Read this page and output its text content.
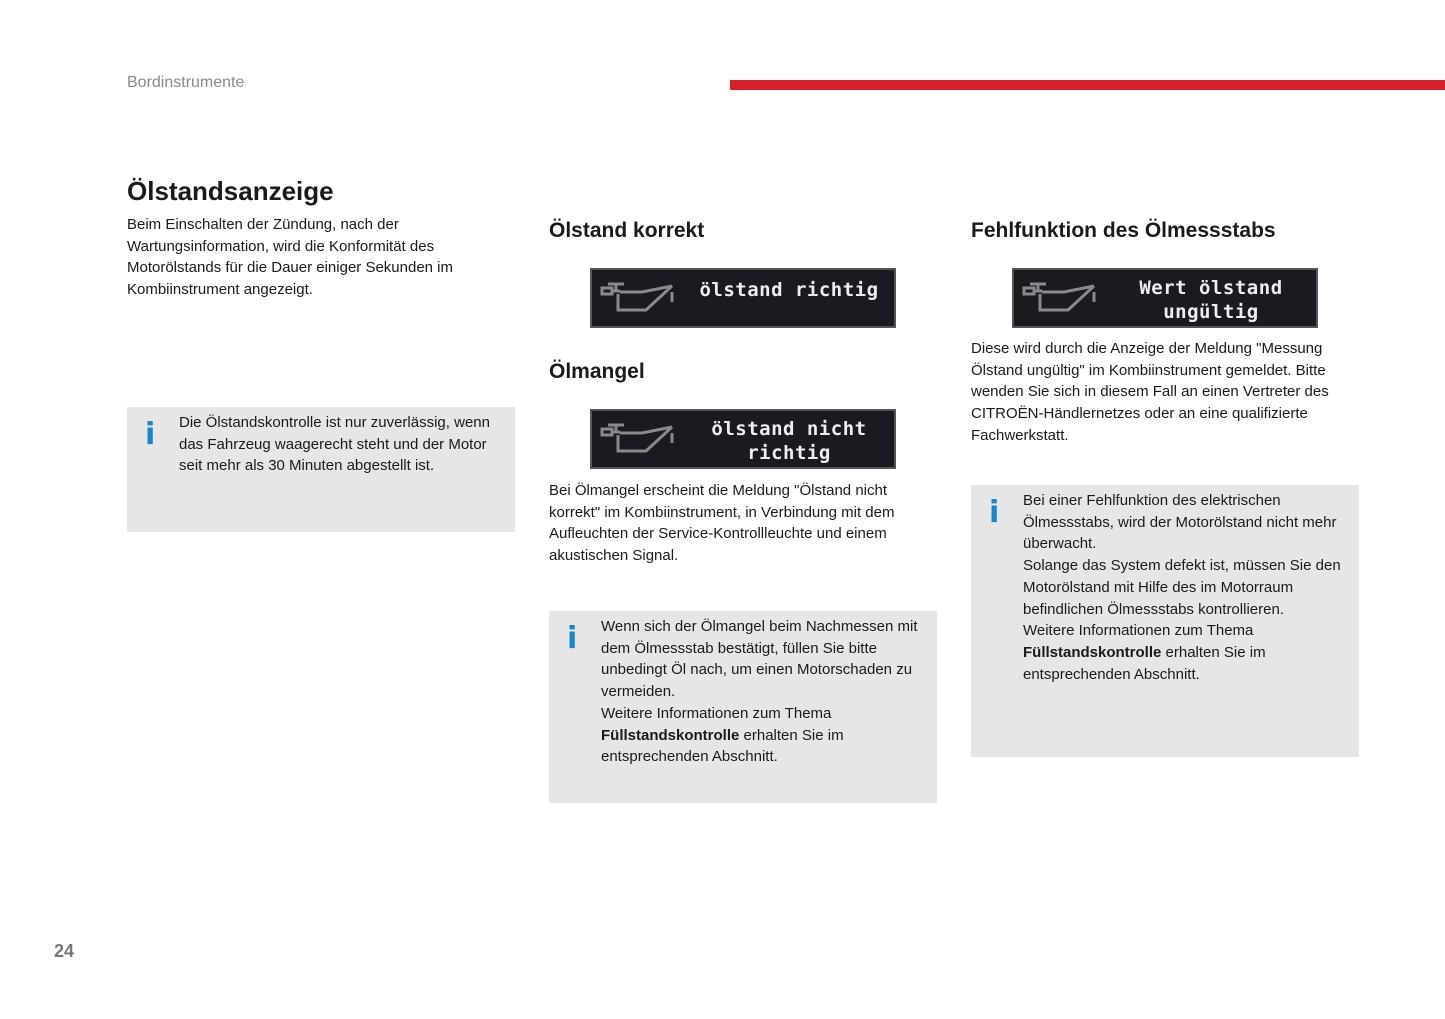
Bordinstrumente
Ölstandsanzeige

Beim Einschalten der Zündung, nach der Wartungsinformation, wird die Konformität des Motorölstands für die Dauer einiger Sekunden im Kombiinstrument angezeigt.

i Die Ölstandskontrolle ist nur zuverlässig, wenn das Fahrzeug waagerecht steht und der Motor seit mehr als 30 Minuten abgestellt ist.

Ölstand korrekt
ölstand richtig
Ölmangel
ölstand nicht richtig

Bei Ölmangel erscheint die Meldung "Ölstand nicht korrekt" im Kombiinstrument, in Verbindung mit dem Aufleuchten der Service-Kontrollleuchte und einem akustischen Signal.

i Wenn sich der Ölmangel beim Nachmessen mit dem Ölmessstab bestätigt, füllen Sie bitte unbedingt Öl nach, um einen Motorschaden zu vermeiden.
Weitere Informationen zum Thema
Füllstandskontrolle erhalten Sie im entsprechenden Abschnitt.

Fehlfunktion des Ölmessstabs
Wert ölstand ungültig

Diese wird durch die Anzeige der Meldung "Messung Ölstand ungültig" im Kombiinstrument gemeldet. Bitte wenden Sie sich in diesem Fall an einen Vertreter des CITROËN-Händlernetzes oder an eine qualifizierte Fachwerkstatt.

i Bei einer Fehlfunktion des elektrischen Ölmessstabs, wird der Motorölstand nicht mehr überwacht.
Solange das System defekt ist, müssen Sie den Motorölstand mit Hilfe des im Motorraum befindlichen Ölmessstabs kontrollieren.
Weitere Informationen zum Thema
Füllstandskontrolle erhalten Sie im entsprechenden Abschnitt.

24
